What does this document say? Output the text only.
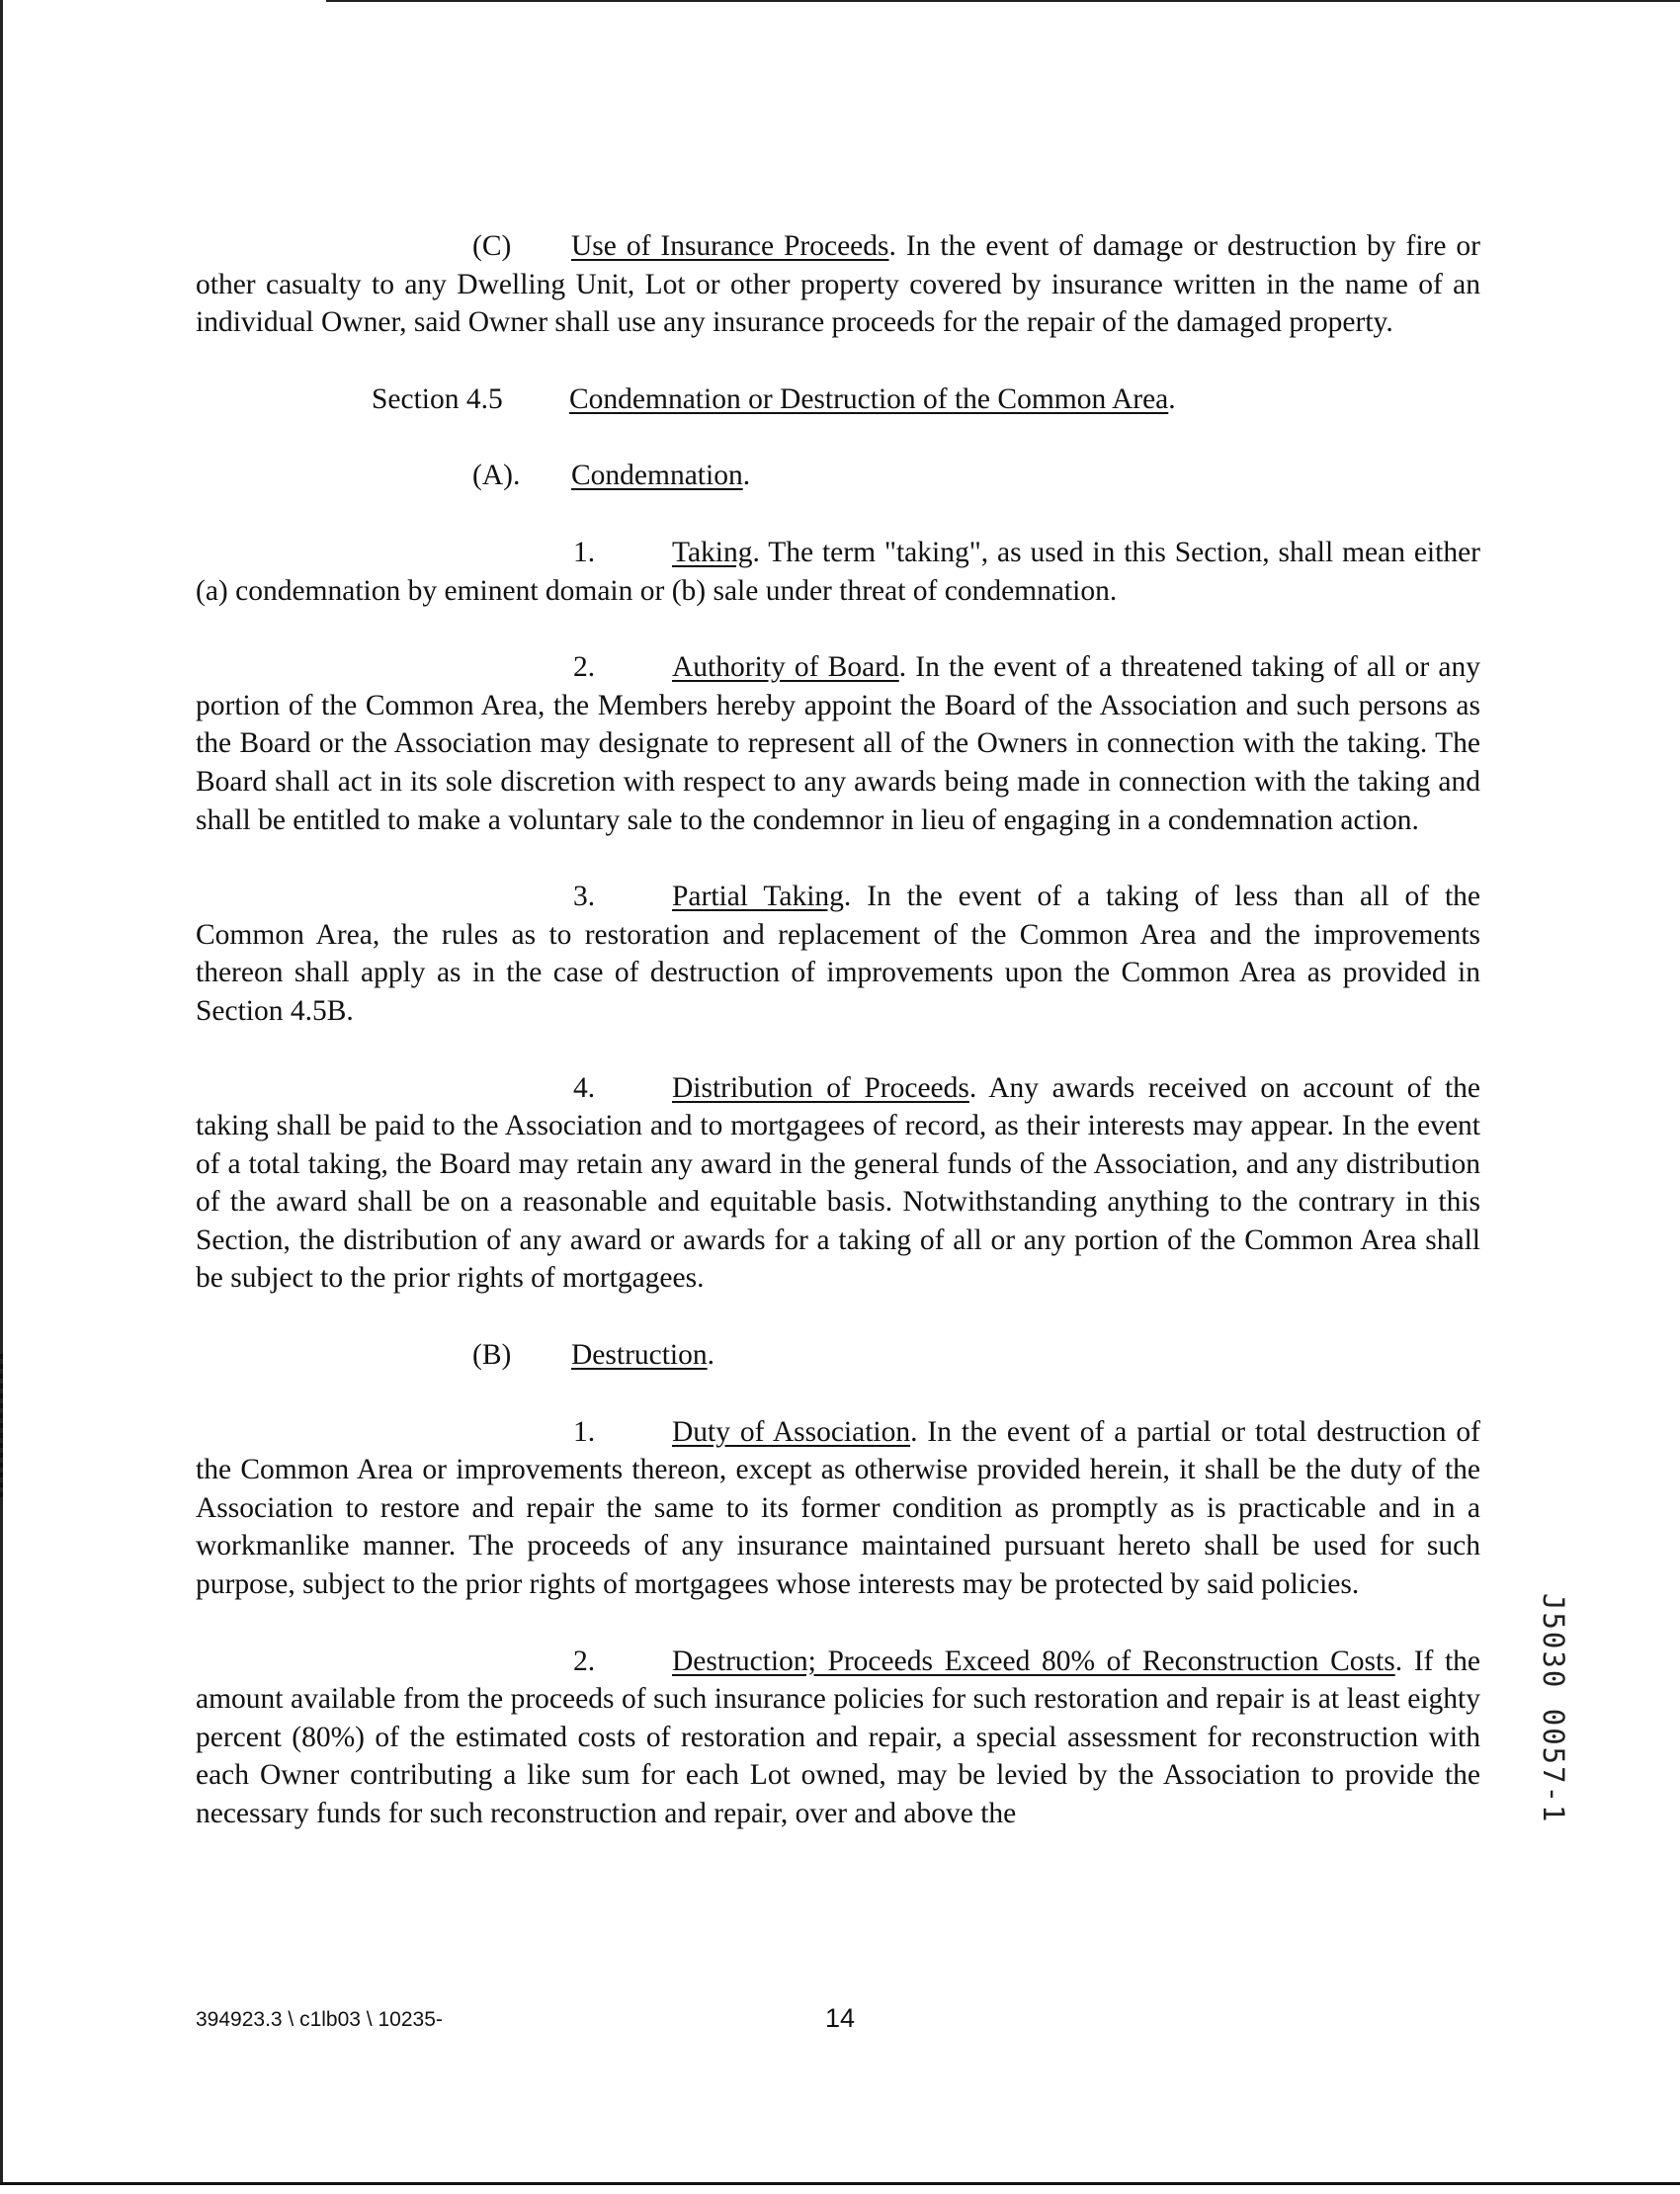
(C) Use of Insurance Proceeds. In the event of damage or destruction by fire or other casualty to any Dwelling Unit, Lot or other property covered by insurance written in the name of an individual Owner, said Owner shall use any insurance proceeds for the repair of the damaged property.

Section 4.5 Condemnation or Destruction of the Common Area.
(A). Condemnation.

1.	Taking. The term "taking", as used in this Section, shall mean either (a) condemnation by eminent domain or (b) sale under threat of condemnation.

2.	Authority of Board. In the event of a threatened taking of all or any portion of the Common Area, the Members hereby appoint the Board of the Association and such persons as the Board or the Association may designate to represent all of the Owners in connection with the taking. The Board shall act in its sole discretion with respect to any awards being made in connection with the taking and shall be entitled to make a voluntary sale to the condemnor in lieu of engaging in a condemnation action.

3.	Partial Taking. In the event of a taking of less than all of the Common Area, the rules as to restoration and replacement of the Common Area and the improvements thereon shall apply as in the case of destruction of improvements upon the Common Area as provided in Section 4.5B.

4.	Distribution of Proceeds. Any awards received on account of the taking shall be paid to the Association and to mortgagees of record, as their interests may appear. In the event of a total taking, the Board may retain any award in the general funds of the Association, and any distribution of the award shall be on a reasonable and equitable basis. Notwithstanding anything to the contrary in this Section, the distribution of any award or awards for a taking of all or any portion of the Common Area shall be subject to the prior rights of mortgagees.

(B) Destruction.

1.	Duty of Association. In the event of a partial or total destruction of the Common Area or improvements thereon, except as otherwise provided herein, it shall be the duty of the Association to restore and repair the same to its former condition as promptly as is practicable and in a workmanlike manner. The proceeds of any insurance maintained pursuant hereto shall be used for such purpose, subject to the prior rights of mortgagees whose interests may be protected by said policies.

2.	Destruction; Proceeds Exceed 80% of Reconstruction Costs. If the amount available from the proceeds of such insurance policies for such restoration and repair is at least eighty percent (80%) of the estimated costs of restoration and repair, a special assessment for reconstruction with each Owner contributing a like sum for each Lot owned, may be levied by the Association to provide the necessary funds for such reconstruction and repair, over and above the	J5030 0057-1
394923.3 \ c1lb03 \ 10235-	14
